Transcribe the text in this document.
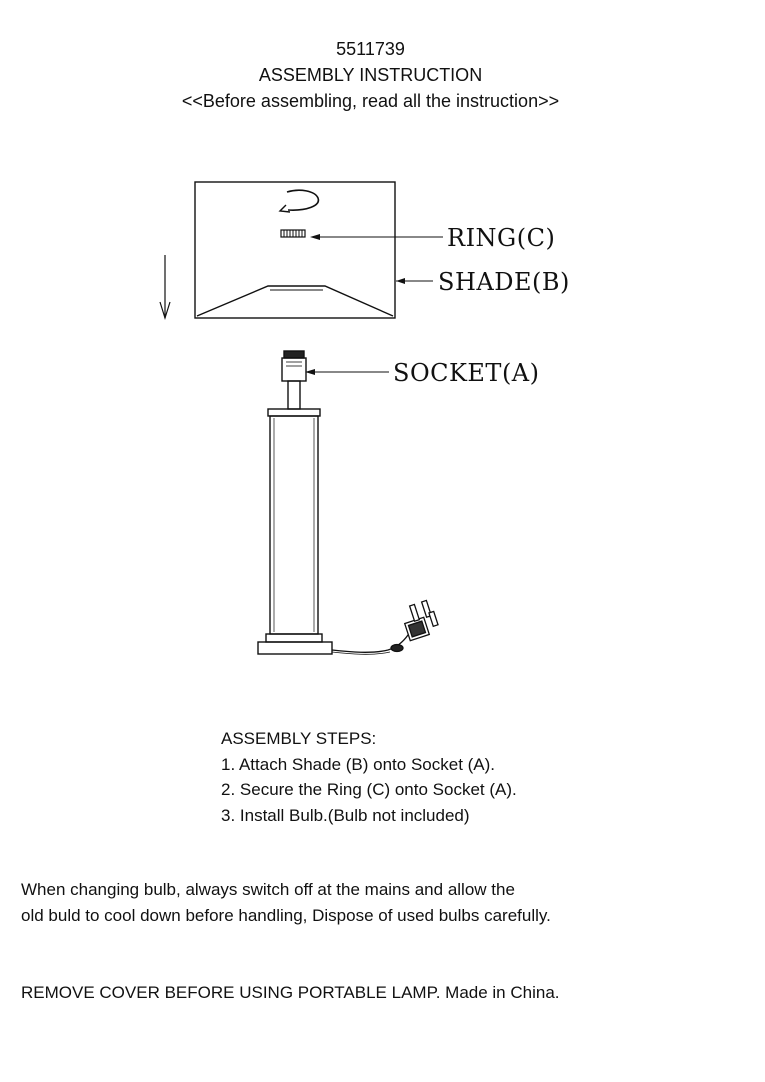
5511739
ASSEMBLY INSTRUCTION
<<Before assembling, read all the instruction>>
RING(C)
SHADE(B)
SOCKET(A)
ASSEMBLY STEPS:
1. Attach Shade (B) onto Socket (A).
2. Secure the Ring (C) onto Socket (A).
3. Install Bulb.(Bulb not included)
When changing bulb, always switch off at the mains and allow the
old buld to cool down before handling, Dispose of used bulbs carefully.
REMOVE COVER BEFORE USING PORTABLE LAMP. Made in China.
